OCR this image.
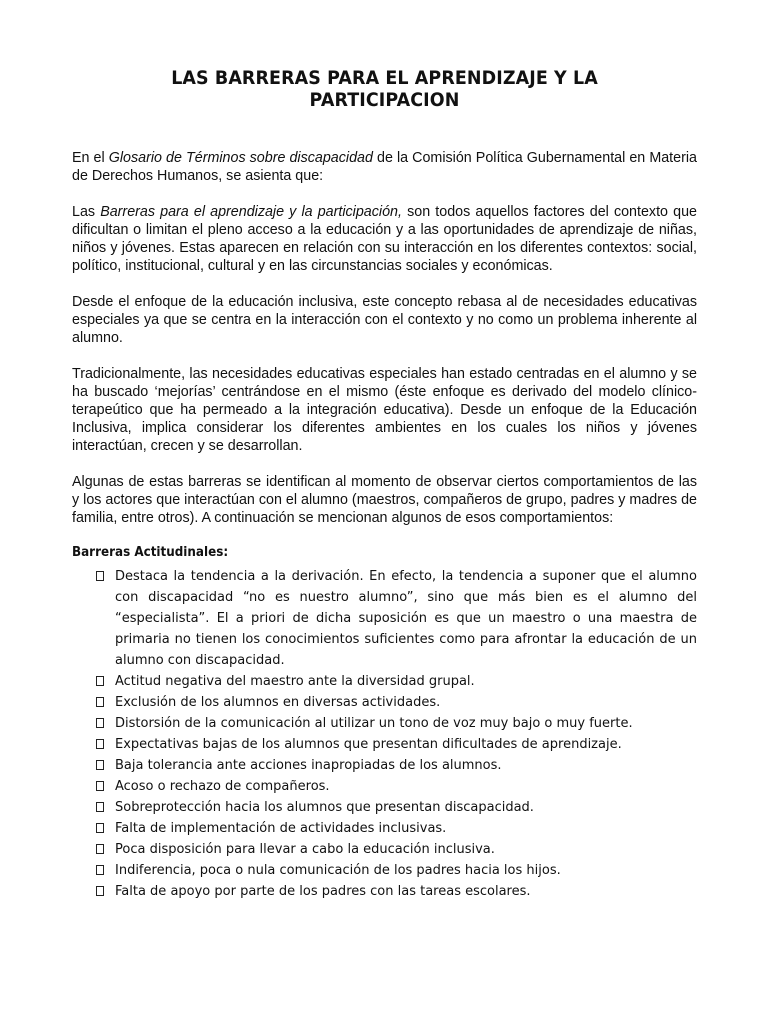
LAS BARRERAS PARA EL APRENDIZAJE Y LA PARTICIPACION

En el Glosario de Términos sobre discapacidad de la Comisión Política Gubernamental en Materia de Derechos Humanos, se asienta que:

Las Barreras para el aprendizaje y la participación, son todos aquellos factores del contexto que dificultan o limitan el pleno acceso a la educación y a las oportunidades de aprendizaje de niñas, niños y jóvenes. Estas aparecen en relación con su interacción en los diferentes contextos: social, político, institucional, cultural y en las circunstancias sociales y económicas.

Desde el enfoque de la educación inclusiva, este concepto rebasa al de necesidades educativas especiales ya que se centra en la interacción con el contexto y no como un problema inherente al alumno.

Tradicionalmente, las necesidades educativas especiales han estado centradas en el alumno y se ha buscado ‘mejorías’ centrándose en el mismo (éste enfoque es derivado del modelo clínico-terapeútico que ha permeado a la integración educativa). Desde un enfoque de la Educación Inclusiva, implica considerar los diferentes ambientes en los cuales los niños y jóvenes interactúan, crecen y se desarrollan.

Algunas de estas barreras se identifican al momento de observar ciertos comportamientos de las y los actores que interactúan con el alumno (maestros, compañeros de grupo, padres y madres de familia, entre otros). A continuación se mencionan algunos de esos comportamientos:

Barreras Actitudinales:
Destaca la tendencia a la derivación. En efecto, la tendencia a suponer que el alumno con discapacidad “no es nuestro alumno”, sino que más bien es el alumno del “especialista”. El a priori de dicha suposición es que un maestro o una maestra de primaria no tienen los conocimientos suficientes como para afrontar la educación de un alumno con discapacidad.
Actitud negativa del maestro ante la diversidad grupal.
Exclusión de los alumnos en diversas actividades.
Distorsión de la comunicación al utilizar un tono de voz muy bajo o muy fuerte.
Expectativas bajas de los alumnos que presentan dificultades de aprendizaje.
Baja tolerancia ante acciones inapropiadas de los alumnos.
Acoso o rechazo de compañeros.
Sobreprotección hacia los alumnos que presentan discapacidad.
Falta de implementación de actividades inclusivas.
Poca disposición para llevar a cabo la educación inclusiva.
Indiferencia, poca o nula comunicación de los padres hacia los hijos.
Falta de apoyo por parte de los padres con las tareas escolares.
